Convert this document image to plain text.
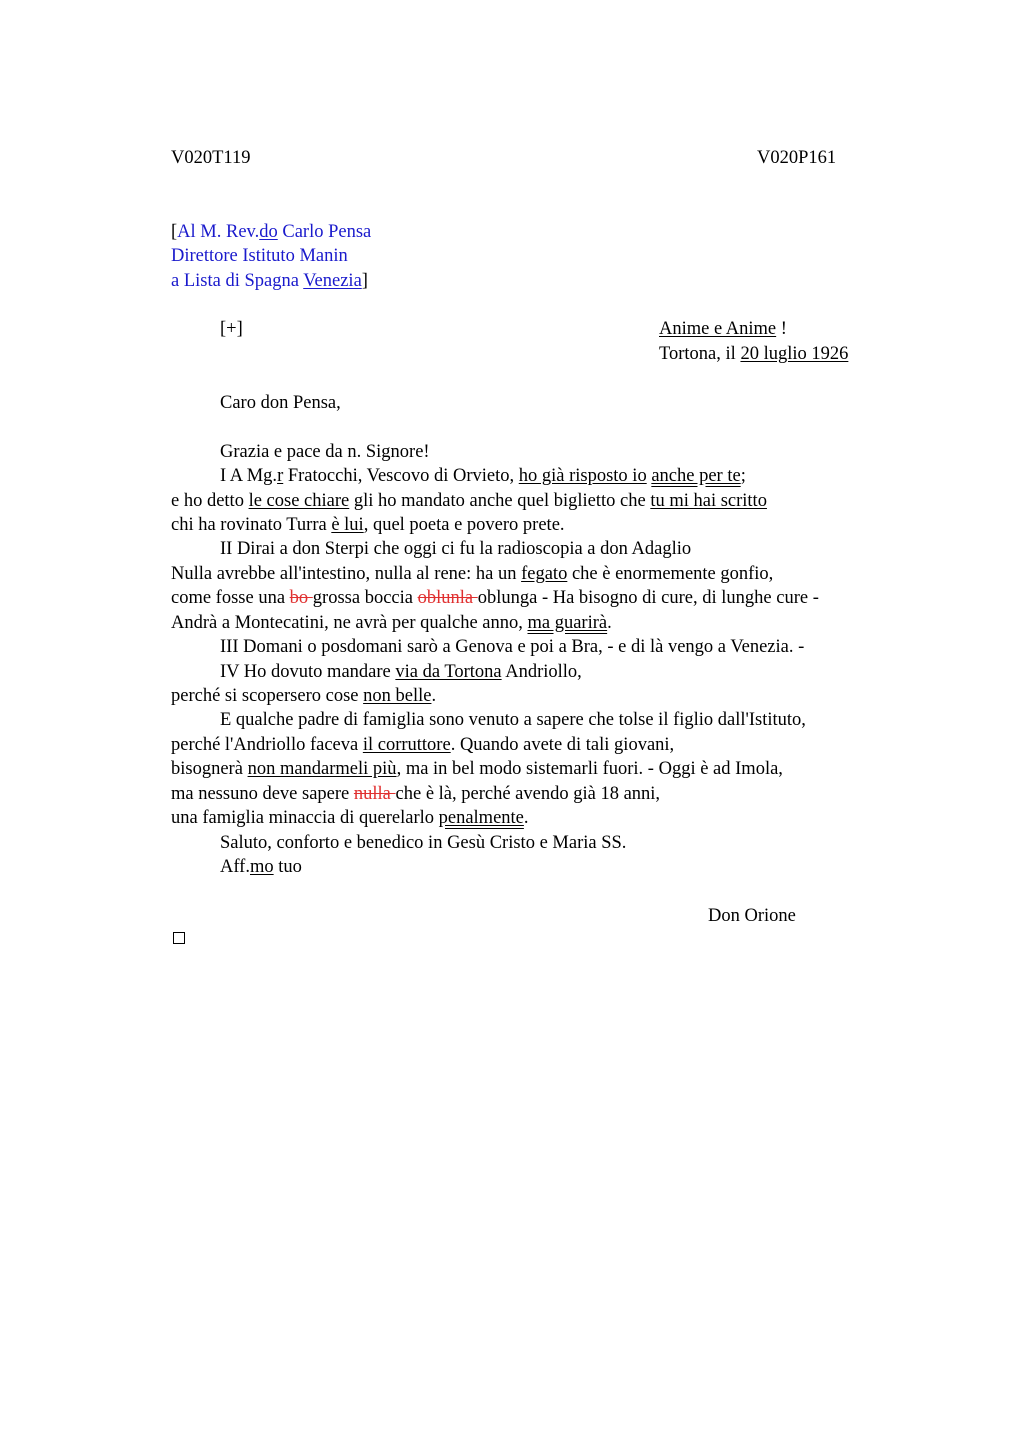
V020T119	V020P161
[Al M. Rev.do Carlo Pensa
Direttore Istituto Manin
a Lista di Spagna Venezia]
[+]	Anime e Anime !
Tortona, il 20 luglio 1926
Caro don Pensa,
Grazia e pace da n. Signore!
I A Mg.r Fratocchi, Vescovo di Orvieto, ho già risposto io anche per te;
e ho detto le cose chiare gli ho mandato anche quel biglietto che tu mi hai scritto
chi ha rovinato Turra è lui, quel poeta e povero prete.
II Dirai a don Sterpi che oggi ci fu la radioscopia a don Adaglio
Nulla avrebbe all'intestino, nulla al rene: ha un fegato che è enormemente gonfio,
come fosse una bo grossa boccia oblunla oblunga - Ha bisogno di cure, di lunghe cure -
Andrà a Montecatini, ne avrà per qualche anno, ma guarirà.
III Domani o posdomani sarò a Genova e poi a Bra, - e di là vengo a Venezia. -
IV Ho dovuto mandare via da Tortona Andriollo,
perché si scopersero cose non belle.
E qualche padre di famiglia sono venuto a sapere che tolse il figlio dall'Istituto,
perché l'Andriollo faceva il corruttore. Quando avete di tali giovani,
bisognerà non mandarmeli più, ma in bel modo sistemarli fuori. - Oggi è ad Imola,
ma nessuno deve sapere nulla che è là, perché avendo già 18 anni,
una famiglia minaccia di querelarlo penalmente.
Saluto, conforto e benedico in Gesù Cristo e Maria SS.
Aff.mo tuo
Don Orione
